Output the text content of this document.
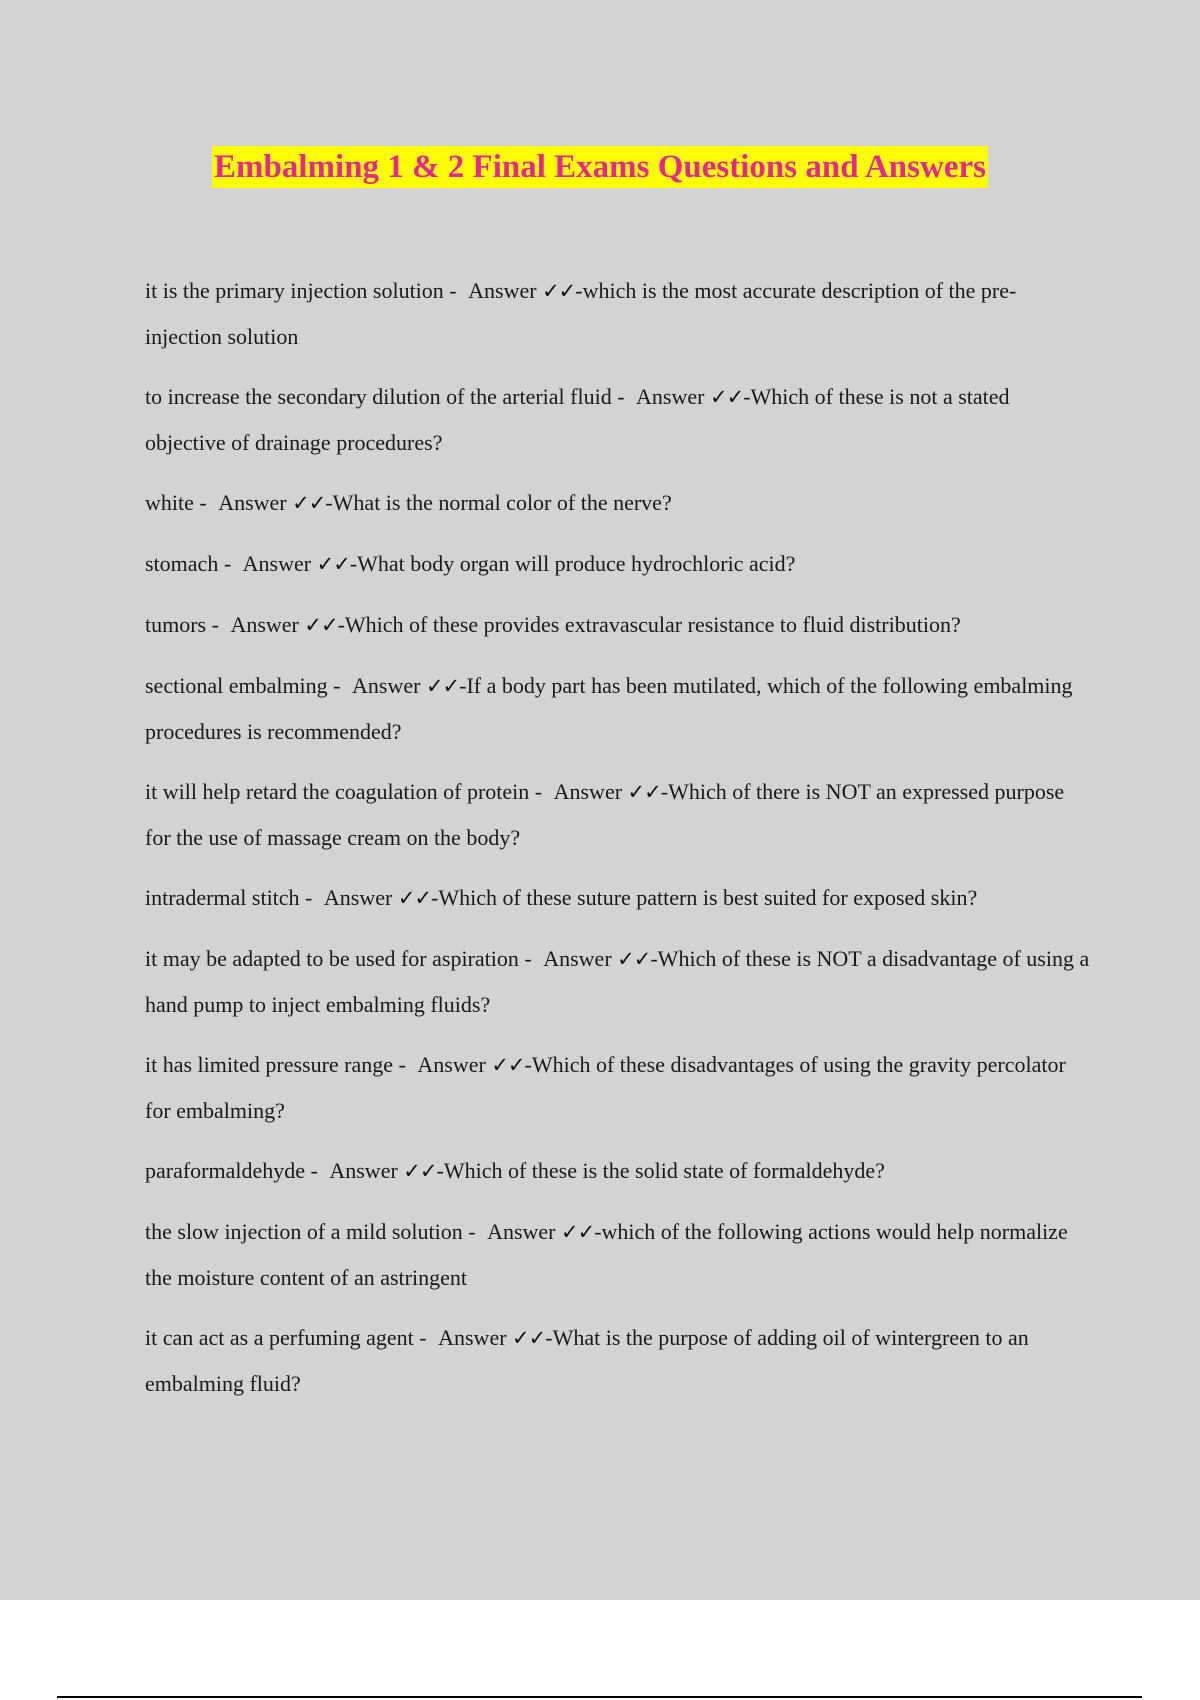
Embalming 1 & 2 Final Exams Questions and Answers

it is the primary injection solution - Answer ✓✓-which is the most accurate description of the pre-injection solution

to increase the secondary dilution of the arterial fluid - Answer ✓✓-Which of these is not a stated objective of drainage procedures?

white - Answer ✓✓-What is the normal color of the nerve?

stomach - Answer ✓✓-What body organ will produce hydrochloric acid?

tumors - Answer ✓✓-Which of these provides extravascular resistance to fluid distribution?

sectional embalming - Answer ✓✓-If a body part has been mutilated, which of the following embalming procedures is recommended?

it will help retard the coagulation of protein - Answer ✓✓-Which of there is NOT an expressed purpose for the use of massage cream on the body?

intradermal stitch - Answer ✓✓-Which of these suture pattern is best suited for exposed skin?

it may be adapted to be used for aspiration - Answer ✓✓-Which of these is NOT a disadvantage of using a hand pump to inject embalming fluids?

it has limited pressure range - Answer ✓✓-Which of these disadvantages of using the gravity percolator for embalming?

paraformaldehyde - Answer ✓✓-Which of these is the solid state of formaldehyde?

the slow injection of a mild solution - Answer ✓✓-which of the following actions would help normalize the moisture content of an astringent

it can act as a perfuming agent - Answer ✓✓-What is the purpose of adding oil of wintergreen to an embalming fluid?
